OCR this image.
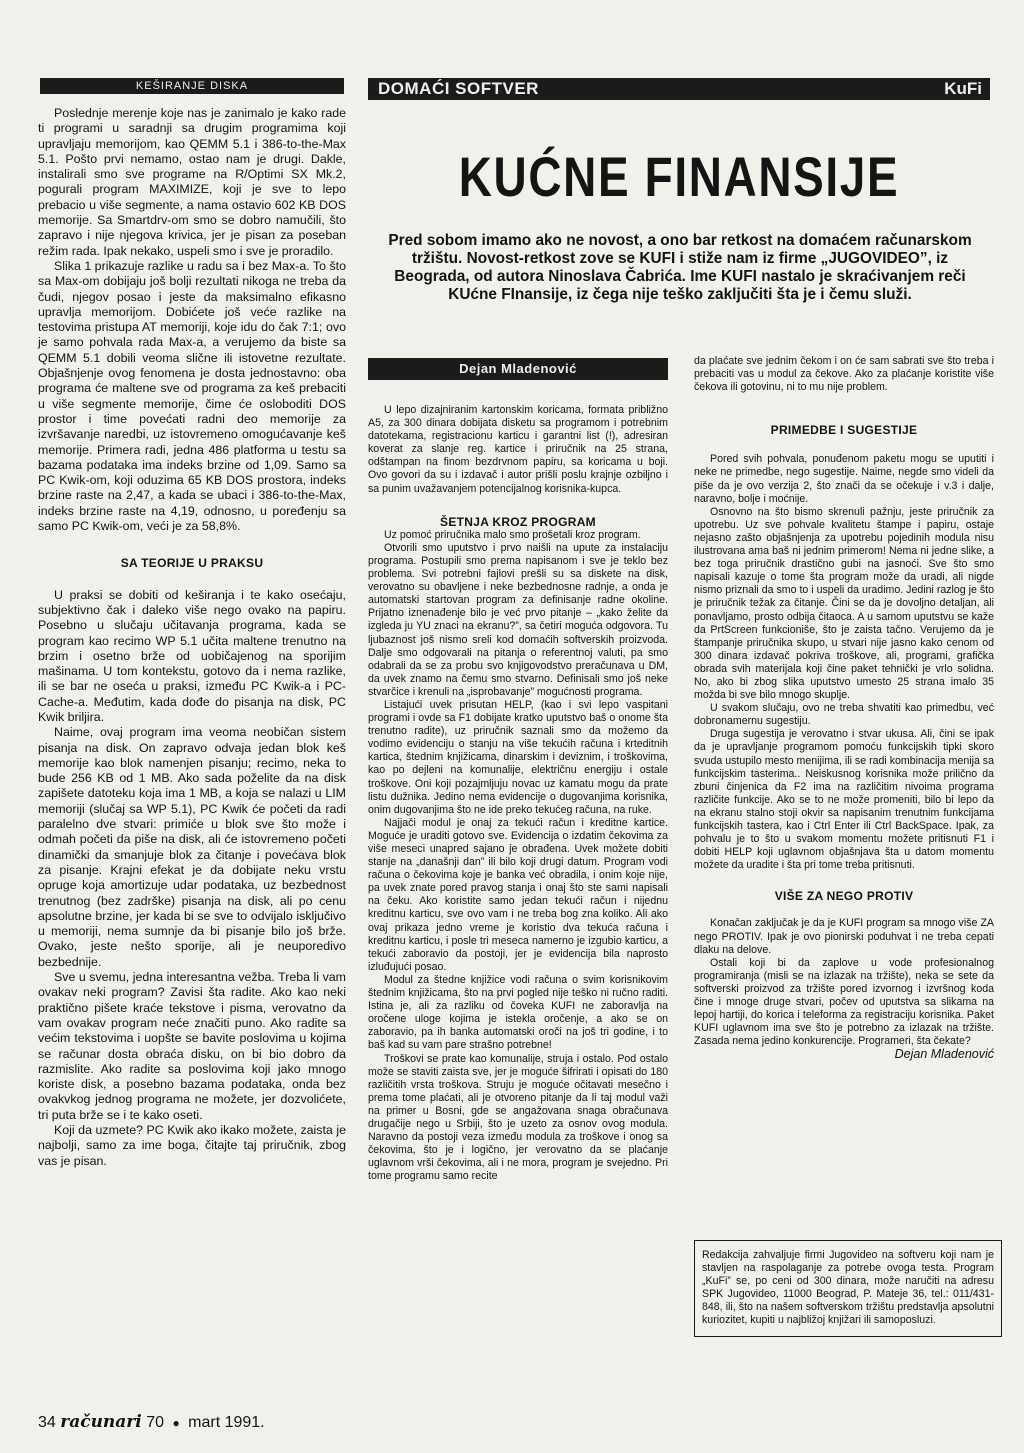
KEŠIRANJE DISKA	DOMAĆI SOFTVER	KuFi

Poslednje merenje koje nas je zanimalo je kako rade ti programi u saradnji sa drugim programima koji upravljaju memorijom, kao QEMM 5.1 i 386-to-the-Max 5.1. Pošto prvi nemamo, ostao nam je drugi. Dakle, instalirali smo sve programe na R/Optimi SX Mk.2, pogurali program MAXIMIZE, koji je sve to lepo prebacio u više segmente, a nama ostavio 602 KB DOS memorije. Sa Smartdrv-om smo se dobro namučili, što zapravo i nije njegova krivica, jer je pisan za poseban režim rada. Ipak nekako, uspeli smo i sve je proradilo.

Slika 1 prikazuje razlike u radu sa i bez Max-a. To što sa Max-om dobijaju još bolji rezultati nikoga ne treba da čudi, njegov posao i jeste da maksimalno efikasno upravlja memorijom. Dobićete još veće razlike na testovima pristupa AT memoriji, koje idu do čak 7:1; ovo je samo pohvala rada Max-a, a verujemo da biste sa QEMM 5.1 dobili veoma slične ili istovetne rezultate. Objašnjenje ovog fenomena je dosta jednostavno: oba programa će maltene sve od programa za keš prebaciti u više segmente memorije, čime će osloboditi DOS prostor i time povećati radni deo memorije za izvršavanje naredbi, uz istovremeno omogućavanje keš memorije. Primera radi, jedna 486 platforma u testu sa bazama podataka ima indeks brzine od 1,09. Samo sa PC Kwik-om, koji oduzima 65 KB DOS prostora, indeks brzine raste na 2,47, a kada se ubaci i 386-to-the-Max, indeks brzine raste na 4,19, odnosno, u poređenju sa samo PC Kwik-om, veći je za 58,8%.

SA TEORIJE U PRAKSU

U praksi se dobiti od keširanja i te kako osećaju, subjektivno čak i daleko više nego ovako na papiru. Posebno u slučaju učitavanja programa, kada se program kao recimo WP 5.1 učita maltene trenutno na brzim i osetno brže od uobičajenog na sporijim mašinama. U tom kontekstu, gotovo da i nema razlike, ili se bar ne oseća u praksi, između PC Kwik-a i PC-Cache-a. Međutim, kada dođe do pisanja na disk, PC Kwik briljira.

Naime, ovaj program ima veoma neobičan sistem pisanja na disk. On zapravo odvaja jedan blok keš memorije kao blok namenjen pisanju; recimo, neka to bude 256 KB od 1 MB. Ako sada poželite da na disk zapišete datoteku koja ima 1 MB, a koja se nalazi u LIM memoriji (slučaj sa WP 5.1), PC Kwik će početi da radi paralelno dve stvari: primiće u blok sve što može i odmah početi da piše na disk, ali će istovremeno početi dinamički da smanjuje blok za čitanje i povećava blok za pisanje. Krajni efekat je da dobijate neku vrstu opruge koja amortizuje udar podataka, uz bezbednost trenutnog (bez zadrške) pisanja na disk, ali po cenu apsolutne brzine, jer kada bi se sve to odvijalo isključivo u memoriji, nema sumnje da bi pisanje bilo još brže. Ovako, jeste nešto sporije, ali je neuporedivo bezbednije.

Sve u svemu, jedna interesantna vežba. Treba li vam ovakav neki program? Zavisi šta radite. Ako kao neki praktično pišete kraće tekstove i pisma, verovatno da vam ovakav program neće značiti puno. Ako radite sa većim tekstovima i uopšte se bavite poslovima u kojima se računar dosta obraća disku, on bi bio dobro da razmislite. Ako radite sa poslovima koji jako mnogo koriste disk, a posebno bazama podataka, onda bez ovakvkog jednog programa ne možete, jer dozvolićete, tri puta brže se i te kako oseti.

Koji da uzmete? PC Kwik ako ikako možete, zaista je najbolji, samo za ime boga, čitajte taj priručnik, zbog vas je pisan.

KUĆNE FINANSIJE
Pred sobom imamo ako ne novost, a ono bar retkost na domaćem računarskom tržištu. Novost-retkost zove se KUFI i stiže nam iz firme „JUGOVIDEO”, iz Beograda, od autora Ninoslava Čabrića. Ime KUFI nastalo je skraćivanjem reči KUćne FInansije, iz čega nije teško zaključiti šta je i čemu služi.
Dejan Mladenović

U lepo dizajniranim kartonskim koricama, formata približno A5, za 300 dinara dobijata disketu sa programom i potrebnim datotekama, registracionu karticu i garantni list (!), adresiran koverat za slanje reg. kartice i priručnik na 25 strana, odštampan na finom bezdrvnom papiru, sa koricama u boji. Ovo govori da su i izdavač i autor prišli poslu krajnje ozbiljno i sa punim uvažavanjem potencijalnog korisnika-kupca.

ŠETNJA KROZ PROGRAM

Uz pomoć priručnika malo smo prošetali kroz program.

Otvorili smo uputstvo i prvo naišli na upute za instalaciju programa. Postupili smo prema napisanom i sve je teklo bez problema. Svi potrebni fajlovi prešli su sa diskete na disk, verovatno su obavljene i neke bezbednosne radnje, a onda je automatski startovan program za definisanje radne okoline. Prijatno iznenađenje bilo je već prvo pitanje – „kako želite da izgleda ju YU znaci na ekranu?”, sa četiri moguća odgovora. Tu ljubaznost još nismo sreli kod domaćih softverskih proizvoda. Dalje smo odgovarali na pitanja o referentnoj valuti, pa smo odabrali da se za probu svo knjigovodstvo preračunava u DM, da uvek znamo na čemu smo stvarno. Definisali smo još neke stvarčice i krenuli na „isprobavanje” mogućnosti programa.

Listajući uvek prisutan HELP, (kao i svi lepo vaspitani programi i ovde sa F1 dobijate kratko uputstvo baš o onome šta trenutno radite), uz priručnik saznali smo da možemo da vodimo evidenciju o stanju na više tekućih računa i krteditnih kartica, štednim knjižicama, dinarskim i deviznim, i troškovima, kao po dejleni na komunalije, električnu energiju i ostale troškove. Oni koji pozajmljuju novac uz kamatu mogu da prate listu dužnika. Jedino nema evidencije o dugovanjima korisnika, onim dugovanjima što ne ide preko tekućeg računa, na ruke.

Najjači modul je onaj za tekući račun i kreditne kartice. Moguće je uraditi gotovo sve. Evidencija o izdatim čekovima za više meseci unapred sajano je obrađena. Uvek možete dobiti stanje na „današnji dan” ili bilo koji drugi datum. Program vodi računa o čekovima koje je banka već obradila, i onim koje nije, pa uvek znate pored pravog stanja i onaj što ste sami napisali na čeku. Ako koristite samo jedan tekući račun i nijednu kreditnu karticu, sve ovo vam i ne treba bog zna koliko. Ali ako ovaj prikaza jedno vreme je koristio dva tekuća računa i kreditnu karticu, i posle tri meseca namerno je izgubio karticu, a tekući zaboravio da postoji, jer je evidencija bila naprosto izluđujući posao.

Modul za štedne knjižice vodi računa o svim korisnikovim štednim knjižicama, što na prvi pogled nije teško ni ručno raditi. Istina je, ali za razliku od čoveka KUFI ne zaboravlja na oročene uloge kojima je istekla oročenje, a ako se on zaboravio, pa ih banka automatski oroči na još tri godine, i to baš kad su vam pare strašno potrebne!

Troškovi se prate kao komunalije, struja i ostalo. Pod ostalo može se staviti zaista sve, jer je moguće šifrirati i opisati do 180 različitih vrsta troškova. Struju je moguće očitavati mesečno i prema tome plaćati, ali je otvoreno pitanje da li taj modul važi na primer u Bosni, gde se angažovana snaga obračunava drugačije nego u Srbiji, što je uzeto za osnov ovog modula. Naravno da postoji veza između modula za troškove i onog sa čekovima, što je i logično, jer verovatno da se plaćanje uglavnom vrši čekovima, ali i ne mora, program je svejedno. Pri tome programu samo recite

da plaćate sve jednim čekom i on će sam sabrati sve što treba i prebaciti vas u modul za čekove. Ako za plaćanje koristite više čekova ili gotovinu, ni to mu nije problem.

PRIMEDBE I SUGESTIJE

Pored svih pohvala, ponuđenom paketu mogu se uputiti i neke ne primedbe, nego sugestije. Naime, negde smo videli da piše da je ovo verzija 2, što znači da se očekuje i v.3 i dalje, naravno, bolje i moćnije.

Osnovno na što bismo skrenuli pažnju, jeste priručnik za upotrebu. Uz sve pohvale kvalitetu štampe i papiru, ostaje nejasno zašto objašnjenja za upotrebu pojedinih modula nisu ilustrovana ama baš ni jednim primerom! Nema ni jedne slike, a bez toga priručnik drastično gubi na jasnoći. Sve što smo napisali kazuje o tome šta program može da uradi, ali nigde nismo priznali da smo to i uspeli da uradimo. Jedini razlog je što je priručnik težak za čitanje. Čini se da je dovoljno detaljan, ali ponavljamo, prosto odbija čitaoca. A u samom uputstvu se kaže da PrtScreen funkcioniše, što je zaista tačno. Verujemo da je štampanje priručnika skupo, u stvari nije jasno kako cenom od 300 dinara izdavač pokriva troškove, ali, programi, grafička obrada svih materijala koji čine paket tehnički je vrlo solidna. No, ako bi zbog slika uputstvo umesto 25 strana imalo 35 možda bi sve bilo mnogo skuplje.

U svakom slučaju, ovo ne treba shvatiti kao primedbu, već dobronamernu sugestiju.

Druga sugestija je verovatno i stvar ukusa. Ali, čini se ipak da je upravljanje programom pomoću funkcijskih tipki skoro svuda ustupilo mesto menijima, ili se radi kombinacija menija sa funkcijskim tasterima.. Neiskusnog korisnika može prilično da zbuni činjenica da F2 ima na različitim nivoima programa različite funkcije. Ako se to ne može promeniti, bilo bi lepo da na ekranu stalno stoji okvir sa napisanim trenutnim funkcijama funkcijskih tastera, kao i Ctrl Enter ili Ctrl BackSpace. Ipak, za pohvalu je to što u svakom momentu možete pritisnuti F1 i dobiti HELP koji uglavnom objašnjava šta u datom momentu možete da uradite i šta pri tome treba pritisnuti.

VIŠE ZA NEGO PROTIV

Konačan zaključak je da je KUFI program sa mnogo više ZA nego PROTIV. Ipak je ovo pionirski poduhvat i ne treba cepati dlaku na delove.

Ostali koji bi da zaplove u vode profesionalnog programiranja (misli se na izlazak na tržište), neka se sete da softverski proizvod za tržište pored izvornog i izvršnog koda čine i mnoge druge stvari, počev od uputstva sa slikama na lepoj hartiji, do korica i teleforma za registraciju korisnika. Paket KUFI uglavnom ima sve što je potrebno za izlazak na tržište. Zasada nema jedino konkurencije. Programeri, šta čekate?

Dejan Mladenović

Redakcija zahvaljuje firmi Jugovideo na softveru koji nam je stavljen na raspolaganje za potrebe ovoga testa. Program „KuFi” se, po ceni od 300 dinara, može naručiti na adresu SPK Jugovideo, 11000 Beograd, P. Mateje 36, tel.: 011/431-848, ili, što na našem softverskom tržištu predstavlja apsolutni kuriozitet, kupiti u najbližoj knjižari ili samoposluzi.
34 računari 70 ● mart 1991.
